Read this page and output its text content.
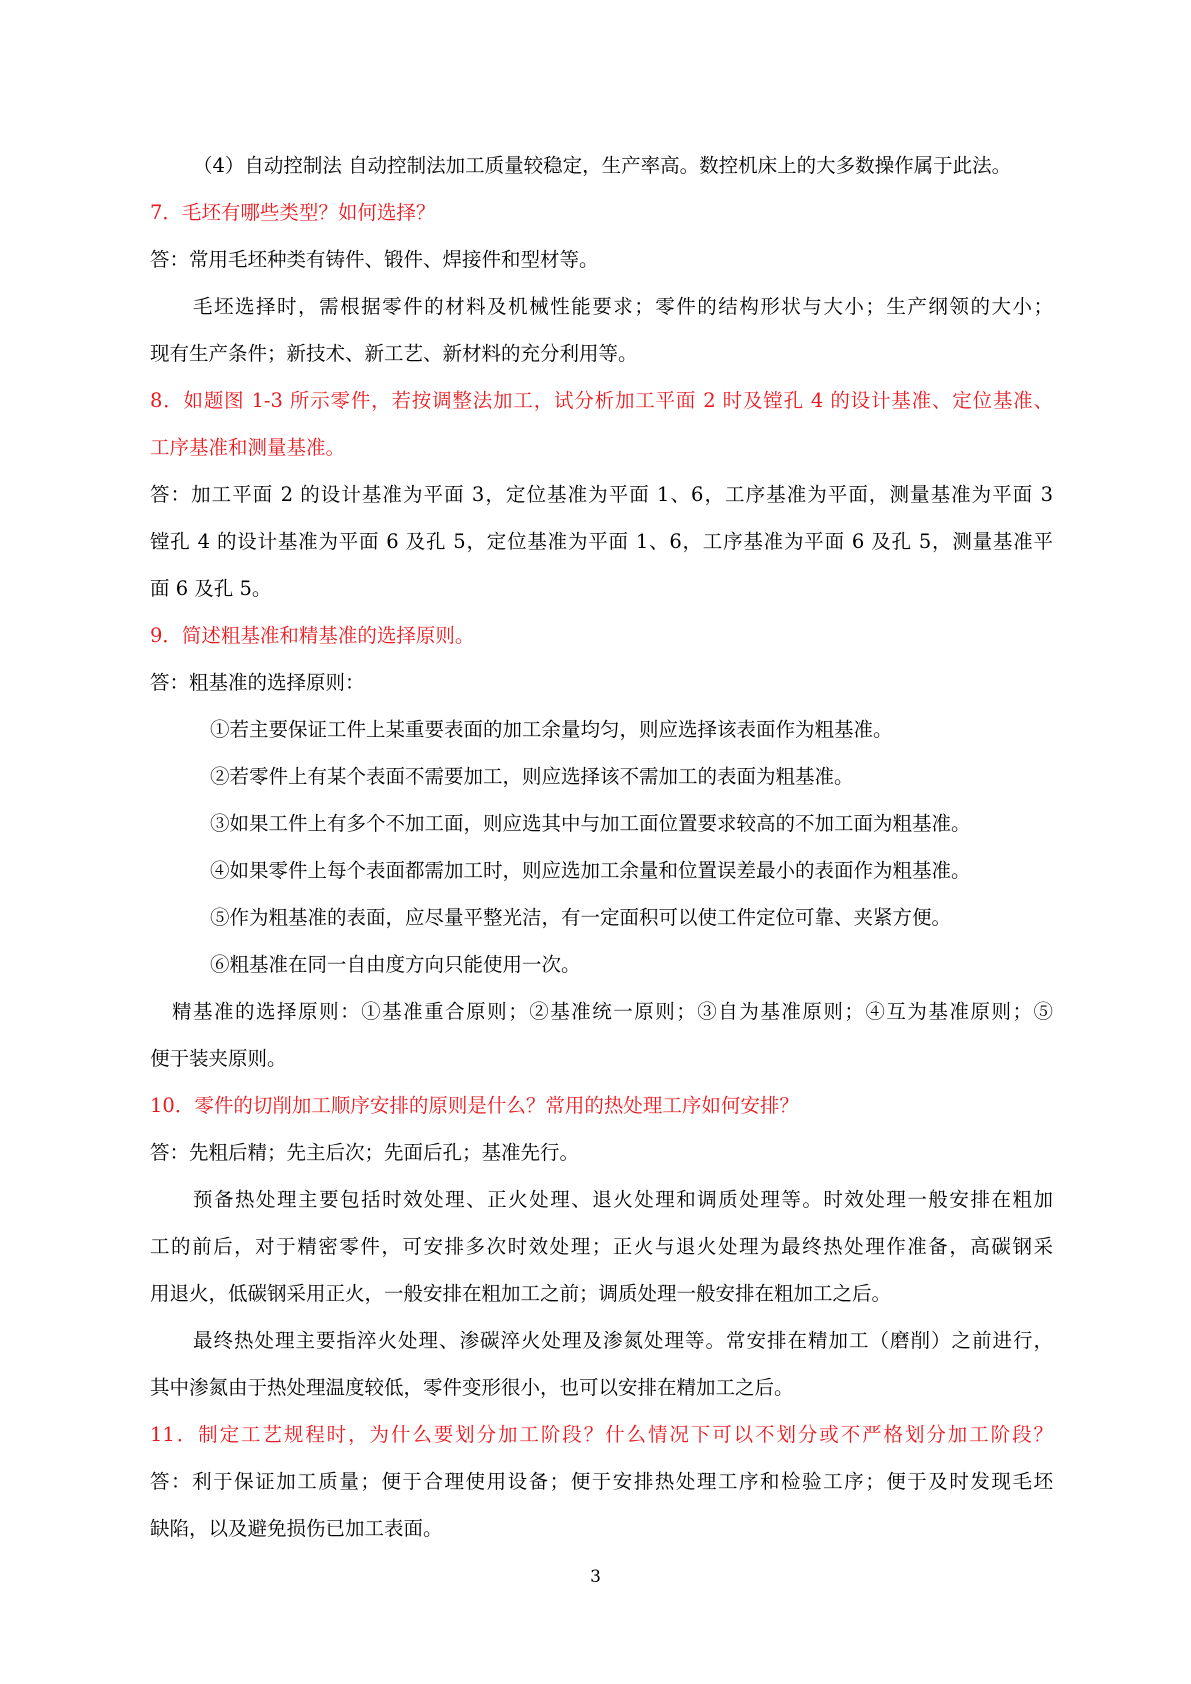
（4）自动控制法 自动控制法加工质量较稳定，生产率高。数控机床上的大多数操作属于此法。
7．毛坯有哪些类型？如何选择？
答：常用毛坯种类有铸件、锻件、焊接件和型材等。
毛坯选择时，需根据零件的材料及机械性能要求；零件的结构形状与大小；生产纲领的大小；
现有生产条件；新技术、新工艺、新材料的充分利用等。
8．如题图 1-3 所示零件，若按调整法加工，试分析加工平面 2 时及镗孔 4 的设计基准、定位基准、
工序基准和测量基准。
答：加工平面 2 的设计基准为平面 3，定位基准为平面 1、6，工序基准为平面，测量基准为平面 3
镗孔 4 的设计基准为平面 6 及孔 5，定位基准为平面 1、6，工序基准为平面 6 及孔 5，测量基准平
面 6 及孔 5。
9．简述粗基准和精基准的选择原则。
答：粗基准的选择原则：
①若主要保证工件上某重要表面的加工余量均匀，则应选择该表面作为粗基准。
②若零件上有某个表面不需要加工，则应选择该不需加工的表面为粗基准。
③如果工件上有多个不加工面，则应选其中与加工面位置要求较高的不加工面为粗基准。
④如果零件上每个表面都需加工时，则应选加工余量和位置误差最小的表面作为粗基准。
⑤作为粗基准的表面，应尽量平整光洁，有一定面积可以使工件定位可靠、夹紧方便。
⑥粗基准在同一自由度方向只能使用一次。
精基准的选择原则：①基准重合原则；②基准统一原则；③自为基准原则；④互为基准原则；⑤
便于装夹原则。
10．零件的切削加工顺序安排的原则是什么？常用的热处理工序如何安排？
答：先粗后精；先主后次；先面后孔；基准先行。
预备热处理主要包括时效处理、正火处理、退火处理和调质处理等。时效处理一般安排在粗加
工的前后，对于精密零件，可安排多次时效处理；正火与退火处理为最终热处理作准备，高碳钢采
用退火，低碳钢采用正火，一般安排在粗加工之前；调质处理一般安排在粗加工之后。
最终热处理主要指淬火处理、渗碳淬火处理及渗氮处理等。常安排在精加工（磨削）之前进行，
其中渗氮由于热处理温度较低，零件变形很小，也可以安排在精加工之后。
11．制定工艺规程时，为什么要划分加工阶段？什么情况下可以不划分或不严格划分加工阶段？
答：利于保证加工质量；便于合理使用设备；便于安排热处理工序和检验工序；便于及时发现毛坯
缺陷，以及避免损伤已加工表面。
3
